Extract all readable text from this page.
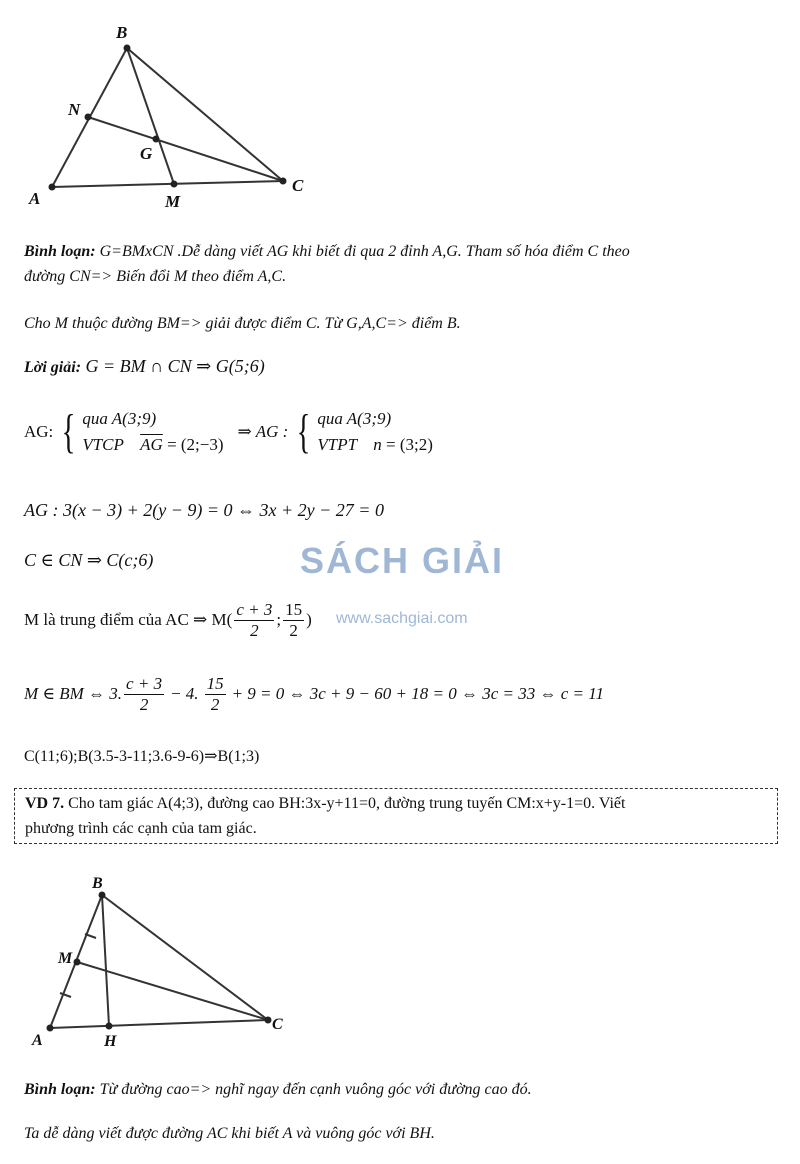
B
N
G
A	M
C
Bình loạn: G=BMxCN .Dễ dàng viết AG khi biết đi qua 2 đỉnh A,G. Tham số hóa điểm C theo
đường CN=> Biến đổi M theo điểm A,C.
Cho M thuộc đường BM=> giải được điểm C. Từ G,A,C=> điểm B.
Lời giải: G = BM ∩ CN ⇒ G(5;6)
AG: { qua A(3;9)
VTCP $\overline{AG}$ = (2;−3)
⇒ AG : { qua A(3;9)
VTPT n = (3;2)
AG : 3(x − 3) + 2(y − 9) = 0 ⇔ 3x + 2y − 27 = 0
C ∈ CN ⇒ C(c;6)	SÁCH GIẢI
www.sachgiai.com
M là trung điểm của AC ⇒ $M( \frac{c + 3}{2}$ ; $\frac{15}{2}$ )
M ∈ BM ⇔ 3. $\frac{c + 3}{2} - 4$. $\frac{15}{2} + 9 = 0$ ⇔ 3c + 9 − 60 + 18 = 0 ⇔ 3c = 33 ⇔ c = 11
C(11;6);B(3.5-3-11;3.6-9-6)⇒B(1;3)
VD 7. Cho tam giác A(4;3), đường cao BH:3x-y+11=0, đường trung tuyến CM:x+y-1=0. Viết
phương trình các cạnh của tam giác.
B
M
A	H
C
Bình loạn: Từ đường cao=> nghĩ ngay đến cạnh vuông góc với đường cao đó.
Ta dễ dàng viết được đường AC khi biết A và vuông góc với BH.
